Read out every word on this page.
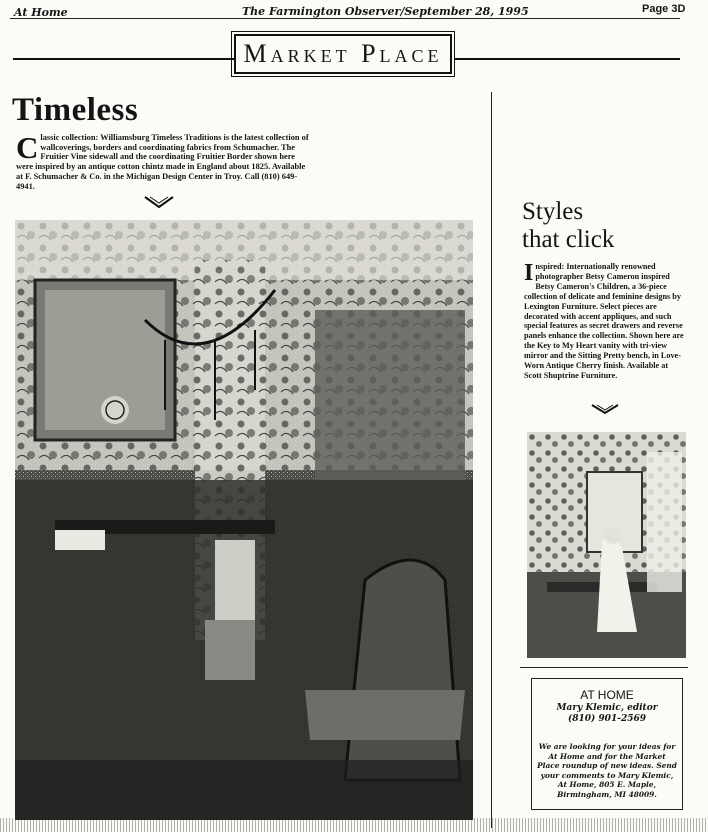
At Home	The Farmington Observer/September 28, 1995	Page 3D
Market Place
Timeless
Classic collection: Williamsburg Timeless Traditions is the latest collection of wallcoverings, borders and coordinating fabrics from Schumacher. The Fruitier Vine sidewall and the coordinating Fruitier Border shown here were inspired by an antique cotton chintz made in England about 1825. Available at F. Schumacher & Co. in the Michigan Design Center in Troy. Call (810) 649-4941.
Styles
that click
Inspired: Internationally renowned photographer Betsy Cameron inspired Betsy Cameron's Children, a 36-piece collection of delicate and feminine designs by Lexington Furniture. Select pieces are decorated with accent appliques, and such special features as secret drawers and reverse panels enhance the collection. Shown here are the Key to My Heart vanity with tri-view mirror and the Sitting Pretty bench, in Love-Worn Antique Cherry finish. Available at Scott Shuptrine Furniture.
AT HOME
Mary Klemic, editor
(810) 901-2569
We are looking for your ideas for At Home and for the Market Place roundup of new ideas. Send your comments to Mary Klemic, At Home, 805 E. Maple, Birmingham, MI 48009.
